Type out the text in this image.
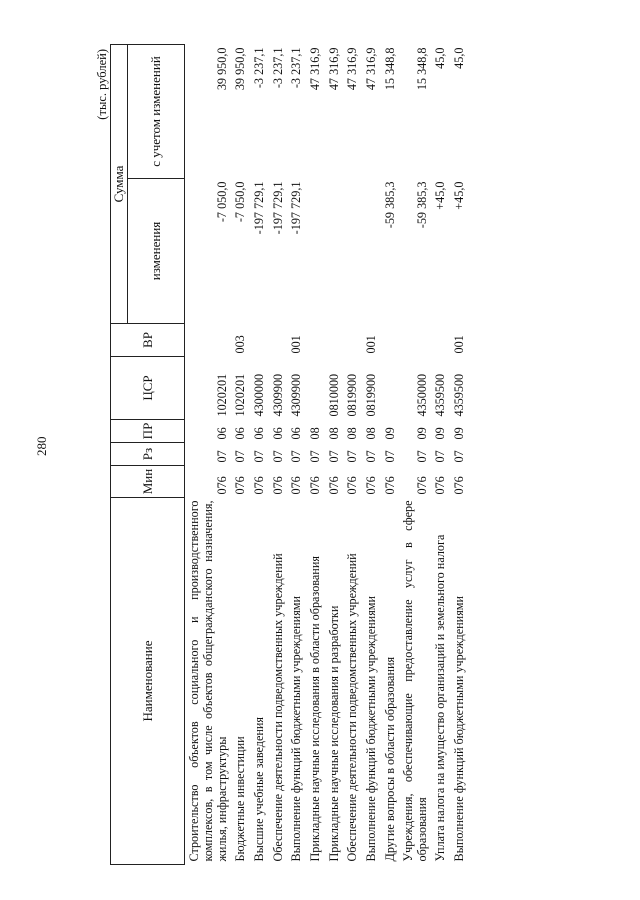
280
(тыс. рублей)
Наименование	Мин	Рз	ПР	ЦСР	ВР	Сумма	
						изменения	с учетом изменений
Строительство объектов социального и производственного комплексов, в том числе объектов общегражданского назначения, жилья, инфраструктуры	076	07	06	1020201		-7 050,0	39 950,0
Бюджетные инвестиции	076	07	06	1020201	003	-7 050,0	39 950,0
Высшие учебные заведения	076	07	06	4300000		-197 729,1	-3 237,1
Обеспечение деятельности подведомственных учреждений	076	07	06	4309900		-197 729,1	-3 237,1
Выполнение функций бюджетными учреждениями	076	07	06	4309900	001	-197 729,1	-3 237,1
Прикладные научные исследования в области образования	076	07	08				47 316,9
Прикладные научные исследования и разработки	076	07	08	0810000			47 316,9
Обеспечение деятельности подведомственных учреждений	076	07	08	0819900			47 316,9
Выполнение функций бюджетными учреждениями	076	07	08	0819900	001		47 316,9
Другие вопросы в области образования	076	07	09			-59 385,3	15 348,8
Учреждения, обеспечивающие предоставление услуг в сфере образования	076	07	09	4350000		-59 385,3	15 348,8
Уплата налога на имущество организаций и земельного налога	076	07	09	4359500		+45,0	45,0
Выполнение функций бюджетными учреждениями	076	07	09	4359500	001	+45,0	45,0
